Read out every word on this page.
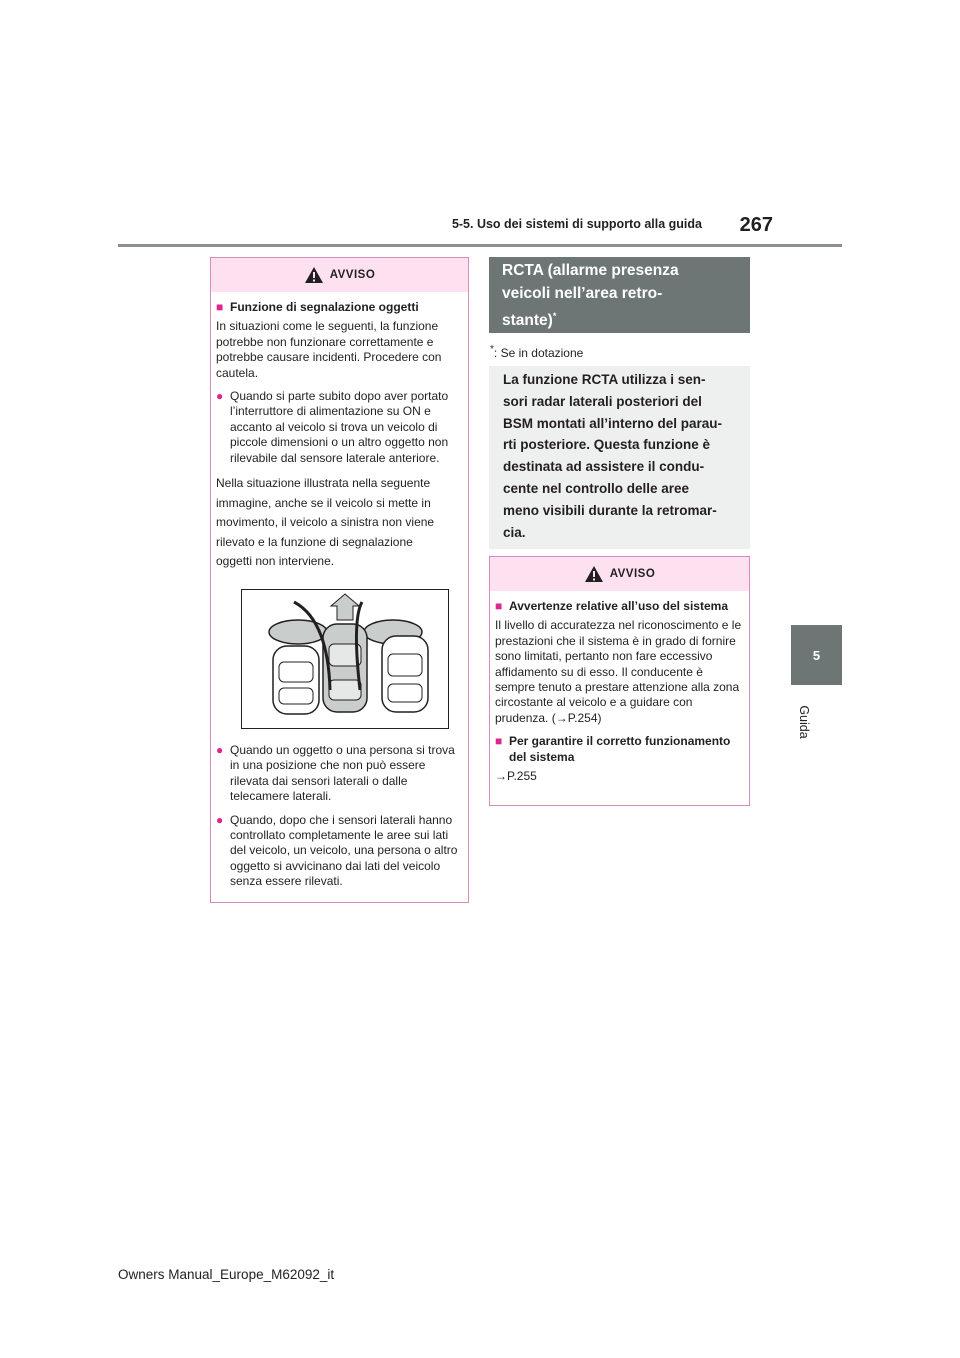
267
5-5. Uso dei sistemi di supporto alla guida
5
Guida
AVVISO
■ Funzione di segnalazione oggetti

In situazioni come le seguenti, la funzione potrebbe non funzionare correttamente e potrebbe causare incidenti. Procedere con cautela.

● Quando si parte subito dopo aver portato l’interruttore di alimentazione su ON e accanto al veicolo si trova un veicolo di piccole dimensioni o un altro oggetto non rilevabile dal sensore laterale anteriore.

Nella situazione illustrata nella seguente

immagine, anche se il veicolo si mette in

movimento, il veicolo a sinistra non viene

rilevato e la funzione di segnalazione

oggetti non interviene.

● Quando un oggetto o una persona si trova in una posizione che non può essere rilevata dai sensori laterali o dalle telecamere laterali.
● Quando, dopo che i sensori laterali hanno controllato completamente le aree sui lati del veicolo, un veicolo, una persona o altro oggetto si avvicinano dai lati del veicolo senza essere rilevati.
RCTA (allarme presenza
veicoli nell’area retro-
stante)*
*: Se in dotazione
La funzione RCTA utilizza i sen-
sori radar laterali posteriori del
BSM montati all’interno del parau-
rti posteriore. Questa funzione è
destinata ad assistere il condu-
cente nel controllo delle aree
meno visibili durante la retromar-
cia.
AVVISO
■ Avvertenze relative all’uso del sistema

Il livello di accuratezza nel riconoscimento e le prestazioni che il sistema è in grado di fornire sono limitati, pertanto non fare eccessivo affidamento su di esso. Il conducente è sempre tenuto a prestare attenzione alla zona circostante al veicolo e a guidare con prudenza. (→P.254)

■ Per garantire il corretto funzionamento del sistema

→P.255

Owners Manual_Europe_M62092_it
